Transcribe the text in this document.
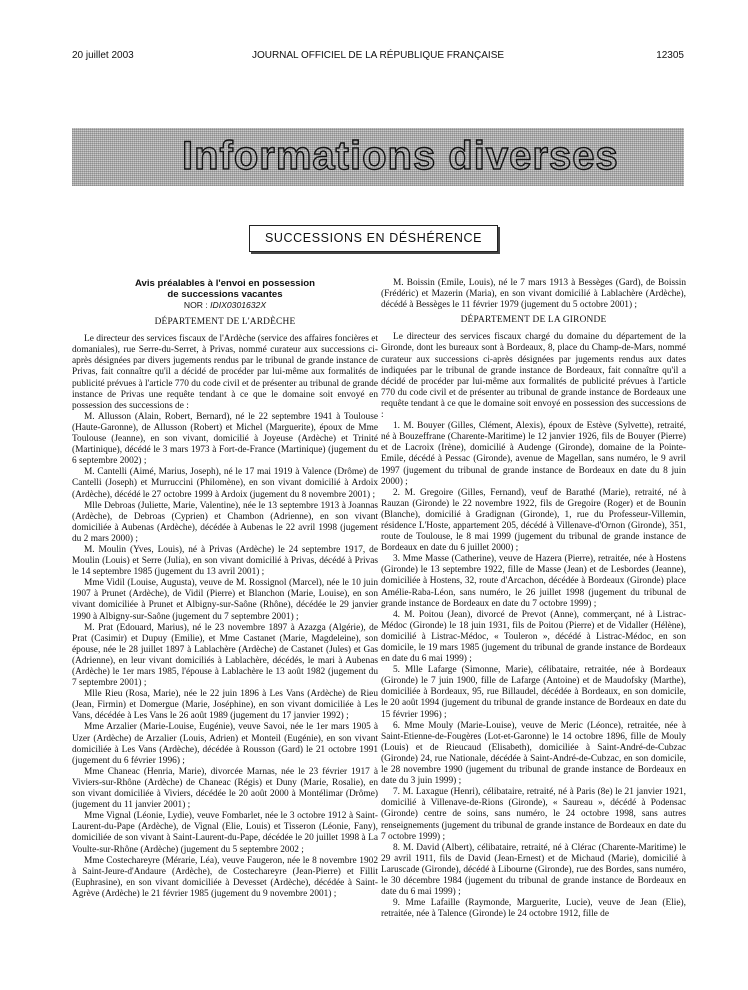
20 juillet 2003	JOURNAL OFFICIEL DE LA RÉPUBLIQUE FRANÇAISE	12305
Informations diverses
SUCCESSIONS EN DÉSHÉRENCE

Avis préalables à l'envoi en possession

de successions vacantes

NOR : IDIX0301632X

DÉPARTEMENT DE L'ARDÈCHE

Le directeur des services fiscaux de l'Ardèche (service des affaires foncières et domaniales), rue Serre-du-Serret, à Privas, nommé curateur aux successions ci-après désignées par divers jugements rendus par le tribunal de grande instance de Privas, fait connaître qu'il a décidé de procéder par lui-même aux formalités de publicité prévues à l'article 770 du code civil et de présenter au tribunal de grande instance de Privas une requête tendant à ce que le domaine soit envoyé en possession des successions de :

M. Allusson (Alain, Robert, Bernard), né le 22 septembre 1941 à Toulouse (Haute-Garonne), de Allusson (Robert) et Michel (Marguerite), époux de Mme Toulouse (Jeanne), en son vivant, domicilié à Joyeuse (Ardèche) et Trinité (Martinique), décédé le 3 mars 1973 à Fort-de-France (Martinique) (jugement du 6 septembre 2002) ;

M. Cantelli (Aimé, Marius, Joseph), né le 17 mai 1919 à Valence (Drôme) de Cantelli (Joseph) et Murruccini (Philomène), en son vivant domicilié à Ardoix (Ardèche), décédé le 27 octobre 1999 à Ardoix (jugement du 8 novembre 2001) ;

Mlle Debroas (Juliette, Marie, Valentine), née le 13 septembre 1913 à Joannas (Ardèche), de Debroas (Cyprien) et Chambon (Adrienne), en son vivant domiciliée à Aubenas (Ardèche), décédée à Aubenas le 22 avril 1998 (jugement du 2 mars 2000) ;

M. Moulin (Yves, Louis), né à Privas (Ardèche) le 24 septembre 1917, de Moulin (Louis) et Serre (Julia), en son vivant domicilié à Privas, décédé à Privas le 14 septembre 1985 (jugement du 13 avril 2001) ;

Mme Vidil (Louise, Augusta), veuve de M. Rossignol (Marcel), née le 10 juin 1907 à Prunet (Ardèche), de Vidil (Pierre) et Blanchon (Marie, Louise), en son vivant domiciliée à Prunet et Albigny-sur-Saône (Rhône), décédée le 29 janvier 1990 à Albigny-sur-Saône (jugement du 7 septembre 2001) ;

M. Prat (Edouard, Marius), né le 23 novembre 1897 à Azazga (Algérie), de Prat (Casimir) et Dupuy (Emilie), et Mme Castanet (Marie, Magdeleine), son épouse, née le 28 juillet 1897 à Lablachère (Ardèche) de Castanet (Jules) et Gas (Adrienne), en leur vivant domiciliés à Lablachère, décédés, le mari à Aubenas (Ardèche) le 1er mars 1985, l'épouse à Lablachère le 13 août 1982 (jugement du 7 septembre 2001) ;

Mlle Rieu (Rosa, Marie), née le 22 juin 1896 à Les Vans (Ardèche) de Rieu (Jean, Firmin) et Domergue (Marie, Joséphine), en son vivant domiciliée à Les Vans, décédée à Les Vans le 26 août 1989 (jugement du 17 janvier 1992) ;

Mme Arzalier (Marie-Louise, Eugénie), veuve Savoi, née le 1er mars 1905 à Uzer (Ardèche) de Arzalier (Louis, Adrien) et Monteil (Eugénie), en son vivant domiciliée à Les Vans (Ardèche), décédée à Rousson (Gard) le 21 octobre 1991 (jugement du 6 février 1996) ;

Mme Chaneac (Henria, Marie), divorcée Marnas, née le 23 février 1917 à Viviers-sur-Rhône (Ardèche) de Chaneac (Régis) et Duny (Marie, Rosalie), en son vivant domiciliée à Viviers, décédée le 20 août 2000 à Montélimar (Drôme) (jugement du 11 janvier 2001) ;

Mme Vignal (Léonie, Lydie), veuve Fombarlet, née le 3 octobre 1912 à Saint-Laurent-du-Pape (Ardèche), de Vignal (Elie, Louis) et Tisseron (Léonie, Fany), domiciliée de son vivant à Saint-Laurent-du-Pape, décédée le 20 juillet 1998 à La Voulte-sur-Rhône (Ardèche) (jugement du 5 septembre 2002 ;

Mme Costechareyre (Mérarie, Léa), veuve Faugeron, née le 8 novembre 1902 à Saint-Jeure-d'Andaure (Ardèche), de Costechareyre (Jean-Pierre) et Fillit (Euphrasine), en son vivant domiciliée à Devesset (Ardèche), décédée à Saint-Agrève (Ardèche) le 21 février 1985 (jugement du 9 novembre 2001) ;

M. Boissin (Emile, Louis), né le 7 mars 1913 à Bessèges (Gard), de Boissin (Frédéric) et Mazerin (Maria), en son vivant domicilié à Lablachère (Ardèche), décédé à Bessèges le 11 février 1979 (jugement du 5 octobre 2001) ;

DÉPARTEMENT DE LA GIRONDE

Le directeur des services fiscaux chargé du domaine du département de la Gironde, dont les bureaux sont à Bordeaux, 8, place du Champ-de-Mars, nommé curateur aux successions ci-après désignées par jugements rendus aux dates indiquées par le tribunal de grande instance de Bordeaux, fait connaître qu'il a décidé de procéder par lui-même aux formalités de publicité prévues à l'article 770 du code civil et de présenter au tribunal de grande instance de Bordeaux une requête tendant à ce que le domaine soit envoyé en possession des successions de :

1. M. Bouyer (Gilles, Clément, Alexis), époux de Estève (Sylvette), retraité, né à Bouzeffrane (Charente-Maritime) le 12 janvier 1926, fils de Bouyer (Pierre) et de Lacroix (Irène), domicilié à Audenge (Gironde), domaine de la Pointe-Emile, décédé à Pessac (Gironde), avenue de Magellan, sans numéro, le 9 avril 1997 (jugement du tribunal de grande instance de Bordeaux en date du 8 juin 2000) ;

2. M. Gregoire (Gilles, Fernand), veuf de Barathé (Marie), retraité, né à Rauzan (Gironde) le 22 novembre 1922, fils de Gregoire (Roger) et de Bounin (Blanche), domicilié à Gradignan (Gironde), 1, rue du Professeur-Villemin, résidence L'Hoste, appartement 205, décédé à Villenave-d'Ornon (Gironde), 351, route de Toulouse, le 8 mai 1999 (jugement du tribunal de grande instance de Bordeaux en date du 6 juillet 2000) ;

3. Mme Masse (Catherine), veuve de Hazera (Pierre), retraitée, née à Hostens (Gironde) le 13 septembre 1922, fille de Masse (Jean) et de Lesbordes (Jeanne), domiciliée à Hostens, 32, route d'Arcachon, décédée à Bordeaux (Gironde) place Amélie-Raba-Léon, sans numéro, le 26 juillet 1998 (jugement du tribunal de grande instance de Bordeaux en date du 7 octobre 1999) ;

4. M. Poitou (Jean), divorcé de Prevot (Anne), commerçant, né à Listrac-Médoc (Gironde) le 18 juin 1931, fils de Poitou (Pierre) et de Vidaller (Hélène), domicilié à Listrac-Médoc, « Touleron », décédé à Listrac-Médoc, en son domicile, le 19 mars 1985 (jugement du tribunal de grande instance de Bordeaux en date du 6 mai 1999) ;

5. Mlle Lafarge (Simonne, Marie), célibataire, retraitée, née à Bordeaux (Gironde) le 7 juin 1900, fille de Lafarge (Antoine) et de Maudofsky (Marthe), domiciliée à Bordeaux, 95, rue Billaudel, décédée à Bordeaux, en son domicile, le 20 août 1994 (jugement du tribunal de grande instance de Bordeaux en date du 15 février 1996) ;

6. Mme Mouly (Marie-Louise), veuve de Meric (Léonce), retraitée, née à Saint-Etienne-de-Fougères (Lot-et-Garonne) le 14 octobre 1896, fille de Mouly (Louis) et de Rieucaud (Elisabeth), domiciliée à Saint-André-de-Cubzac (Gironde) 24, rue Nationale, décédée à Saint-André-de-Cubzac, en son domicile, le 28 novembre 1990 (jugement du tribunal de grande instance de Bordeaux en date du 3 juin 1999) ;

7. M. Laxague (Henri), célibataire, retraité, né à Paris (8e) le 21 janvier 1921, domicilié à Villenave-de-Rions (Gironde), « Saureau », décédé à Podensac (Gironde) centre de soins, sans numéro, le 24 octobre 1998, sans autres renseignements (jugement du tribunal de grande instance de Bordeaux en date du 7 octobre 1999) ;

8. M. David (Albert), célibataire, retraité, né à Clérac (Charente-Maritime) le 29 avril 1911, fils de David (Jean-Ernest) et de Michaud (Marie), domicilié à Laruscade (Gironde), décédé à Libourne (Gironde), rue des Bordes, sans numéro, le 30 décembre 1984 (jugement du tribunal de grande instance de Bordeaux en date du 6 mai 1999) ;

9. Mme Lafaille (Raymonde, Marguerite, Lucie), veuve de Jean (Elie), retraitée, née à Talence (Gironde) le 24 octobre 1912, fille de
